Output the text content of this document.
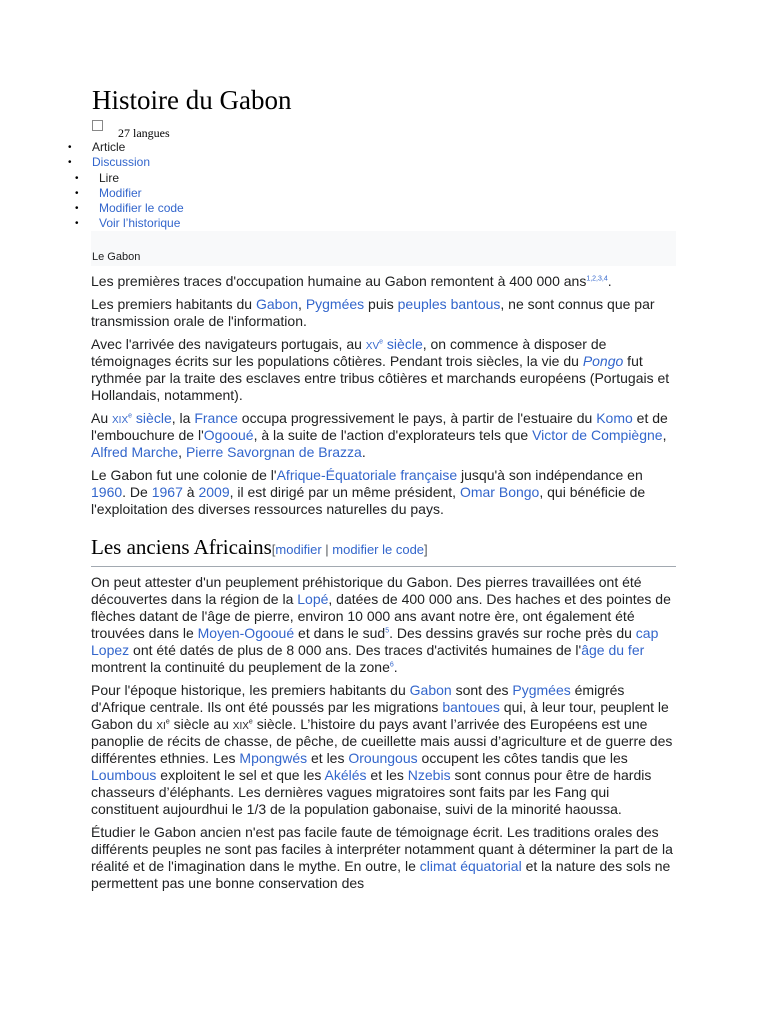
Histoire du Gabon
27 langues
• Article
• Discussion
• Lire
• Modifier
• Modifier le code
• Voir l’historique
Le Gabon

Les premières traces d'occupation humaine au Gabon remontent à 400 000 ans$^{1,2,3,4}$.

Les premiers habitants du Gabon, Pygmées puis peuples bantous, ne sont connus que par transmission orale de l'information.

Avec l'arrivée des navigateurs portugais, au xv$^e$ siècle, on commence à disposer de témoignages écrits sur les populations côtières. Pendant trois siècles, la vie du Pongo fut rythmée par la traite des esclaves entre tribus côtières et marchands européens (Portugais et Hollandais, notamment).

Au xix$^e$ siècle, la France occupa progressivement le pays, à partir de l'estuaire du Komo et de l'embouchure de l'Ogooué, à la suite de l'action d'explorateurs tels que Victor de Compiègne, Alfred Marche, Pierre Savorgnan de Brazza.

Le Gabon fut une colonie de l'Afrique-Équatoriale française jusqu'à son indépendance en 1960. De 1967 à 2009, il est dirigé par un même président, Omar Bongo, qui bénéficie de l'exploitation des diverses ressources naturelles du pays.

Les anciens Africains[modifier | modifier le code]

On peut attester d'un peuplement préhistorique du Gabon. Des pierres travaillées ont été découvertes dans la région de la Lopé, datées de 400 000 ans. Des haches et des pointes de flèches datant de l'âge de pierre, environ 10 000 ans avant notre ère, ont également été trouvées dans le Moyen-Ogooué et dans le sud$^5$. Des dessins gravés sur roche près du cap Lopez ont été datés de plus de 8 000 ans. Des traces d'activités humaines de l'âge du fer montrent la continuité du peuplement de la zone$^6$.

Pour l'époque historique, les premiers habitants du Gabon sont des Pygmées émigrés d'Afrique centrale. Ils ont été poussés par les migrations bantoues qui, à leur tour, peuplent le Gabon du $xi^e$ siècle au xix$^e$ siècle. L’histoire du pays avant l’arrivée des Européens est une panoplie de récits de chasse, de pêche, de cueillette mais aussi d’agriculture et de guerre des différentes ethnies. Les Mpongwés et les Oroungous occupent les côtes tandis que les Loumbous exploitent le sel et que les Akélés et les Nzebis sont connus pour être de hardis chasseurs d’éléphants. Les dernières vagues migratoires sont faits par les Fang qui constituent aujourdhui le 1/3 de la population gabonaise, suivi de la minorité haoussa.

Étudier le Gabon ancien n'est pas facile faute de témoignage écrit. Les traditions orales des différents peuples ne sont pas faciles à interpréter notamment quant à déterminer la part de la réalité et de l'imagination dans le mythe. En outre, le climat équatorial et la nature des sols ne permettent pas une bonne conservation des
